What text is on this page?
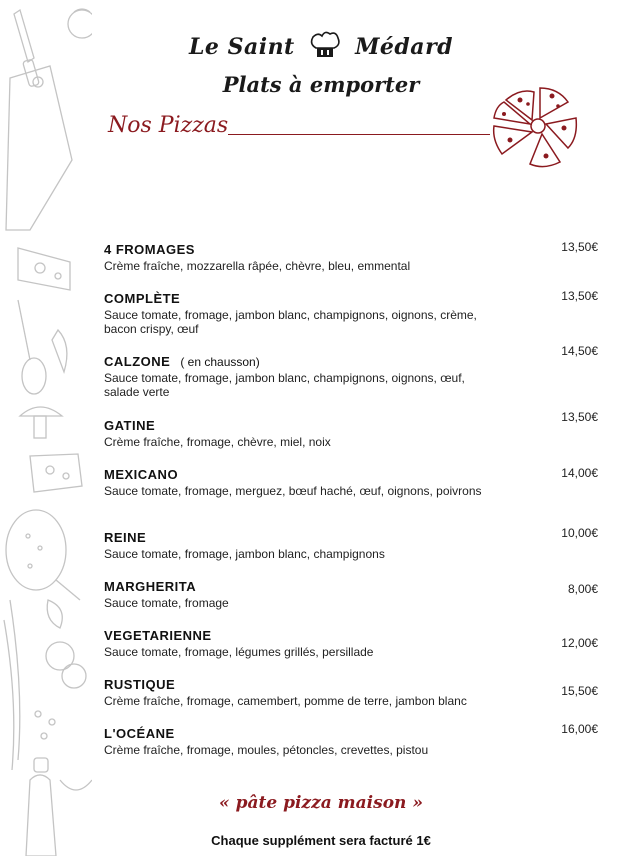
Le Saint	Médard
Plats à emporter
Nos Pizzas
4 FROMAGES
Crème fraîche, mozzarella râpée, chèvre, bleu, emmental
13,50€
COMPLÈTE
Sauce tomate, fromage, jambon blanc, champignons, oignons, crème, bacon crispy, œuf
13,50€
CALZONE ( en chausson)
Sauce tomate, fromage, jambon blanc, champignons, oignons, œuf, salade verte
14,50€
GATINE
Crème fraîche, fromage, chèvre, miel, noix
13,50€
MEXICANO
Sauce tomate, fromage, merguez, bœuf haché, œuf, oignons, poivrons
14,00€
REINE
Sauce tomate, fromage, jambon blanc, champignons
10,00€
MARGHERITA
Sauce tomate, fromage
8,00€
VEGETARIENNE
Sauce tomate, fromage, légumes grillés, persillade
12,00€
RUSTIQUE
Crème fraîche, fromage, camembert, pomme de terre, jambon blanc
15,50€
L'OCÉANE
Crème fraîche, fromage, moules, pétoncles, crevettes, pistou
16,00€
« pâte pizza maison »
Chaque supplément sera facturé 1€
